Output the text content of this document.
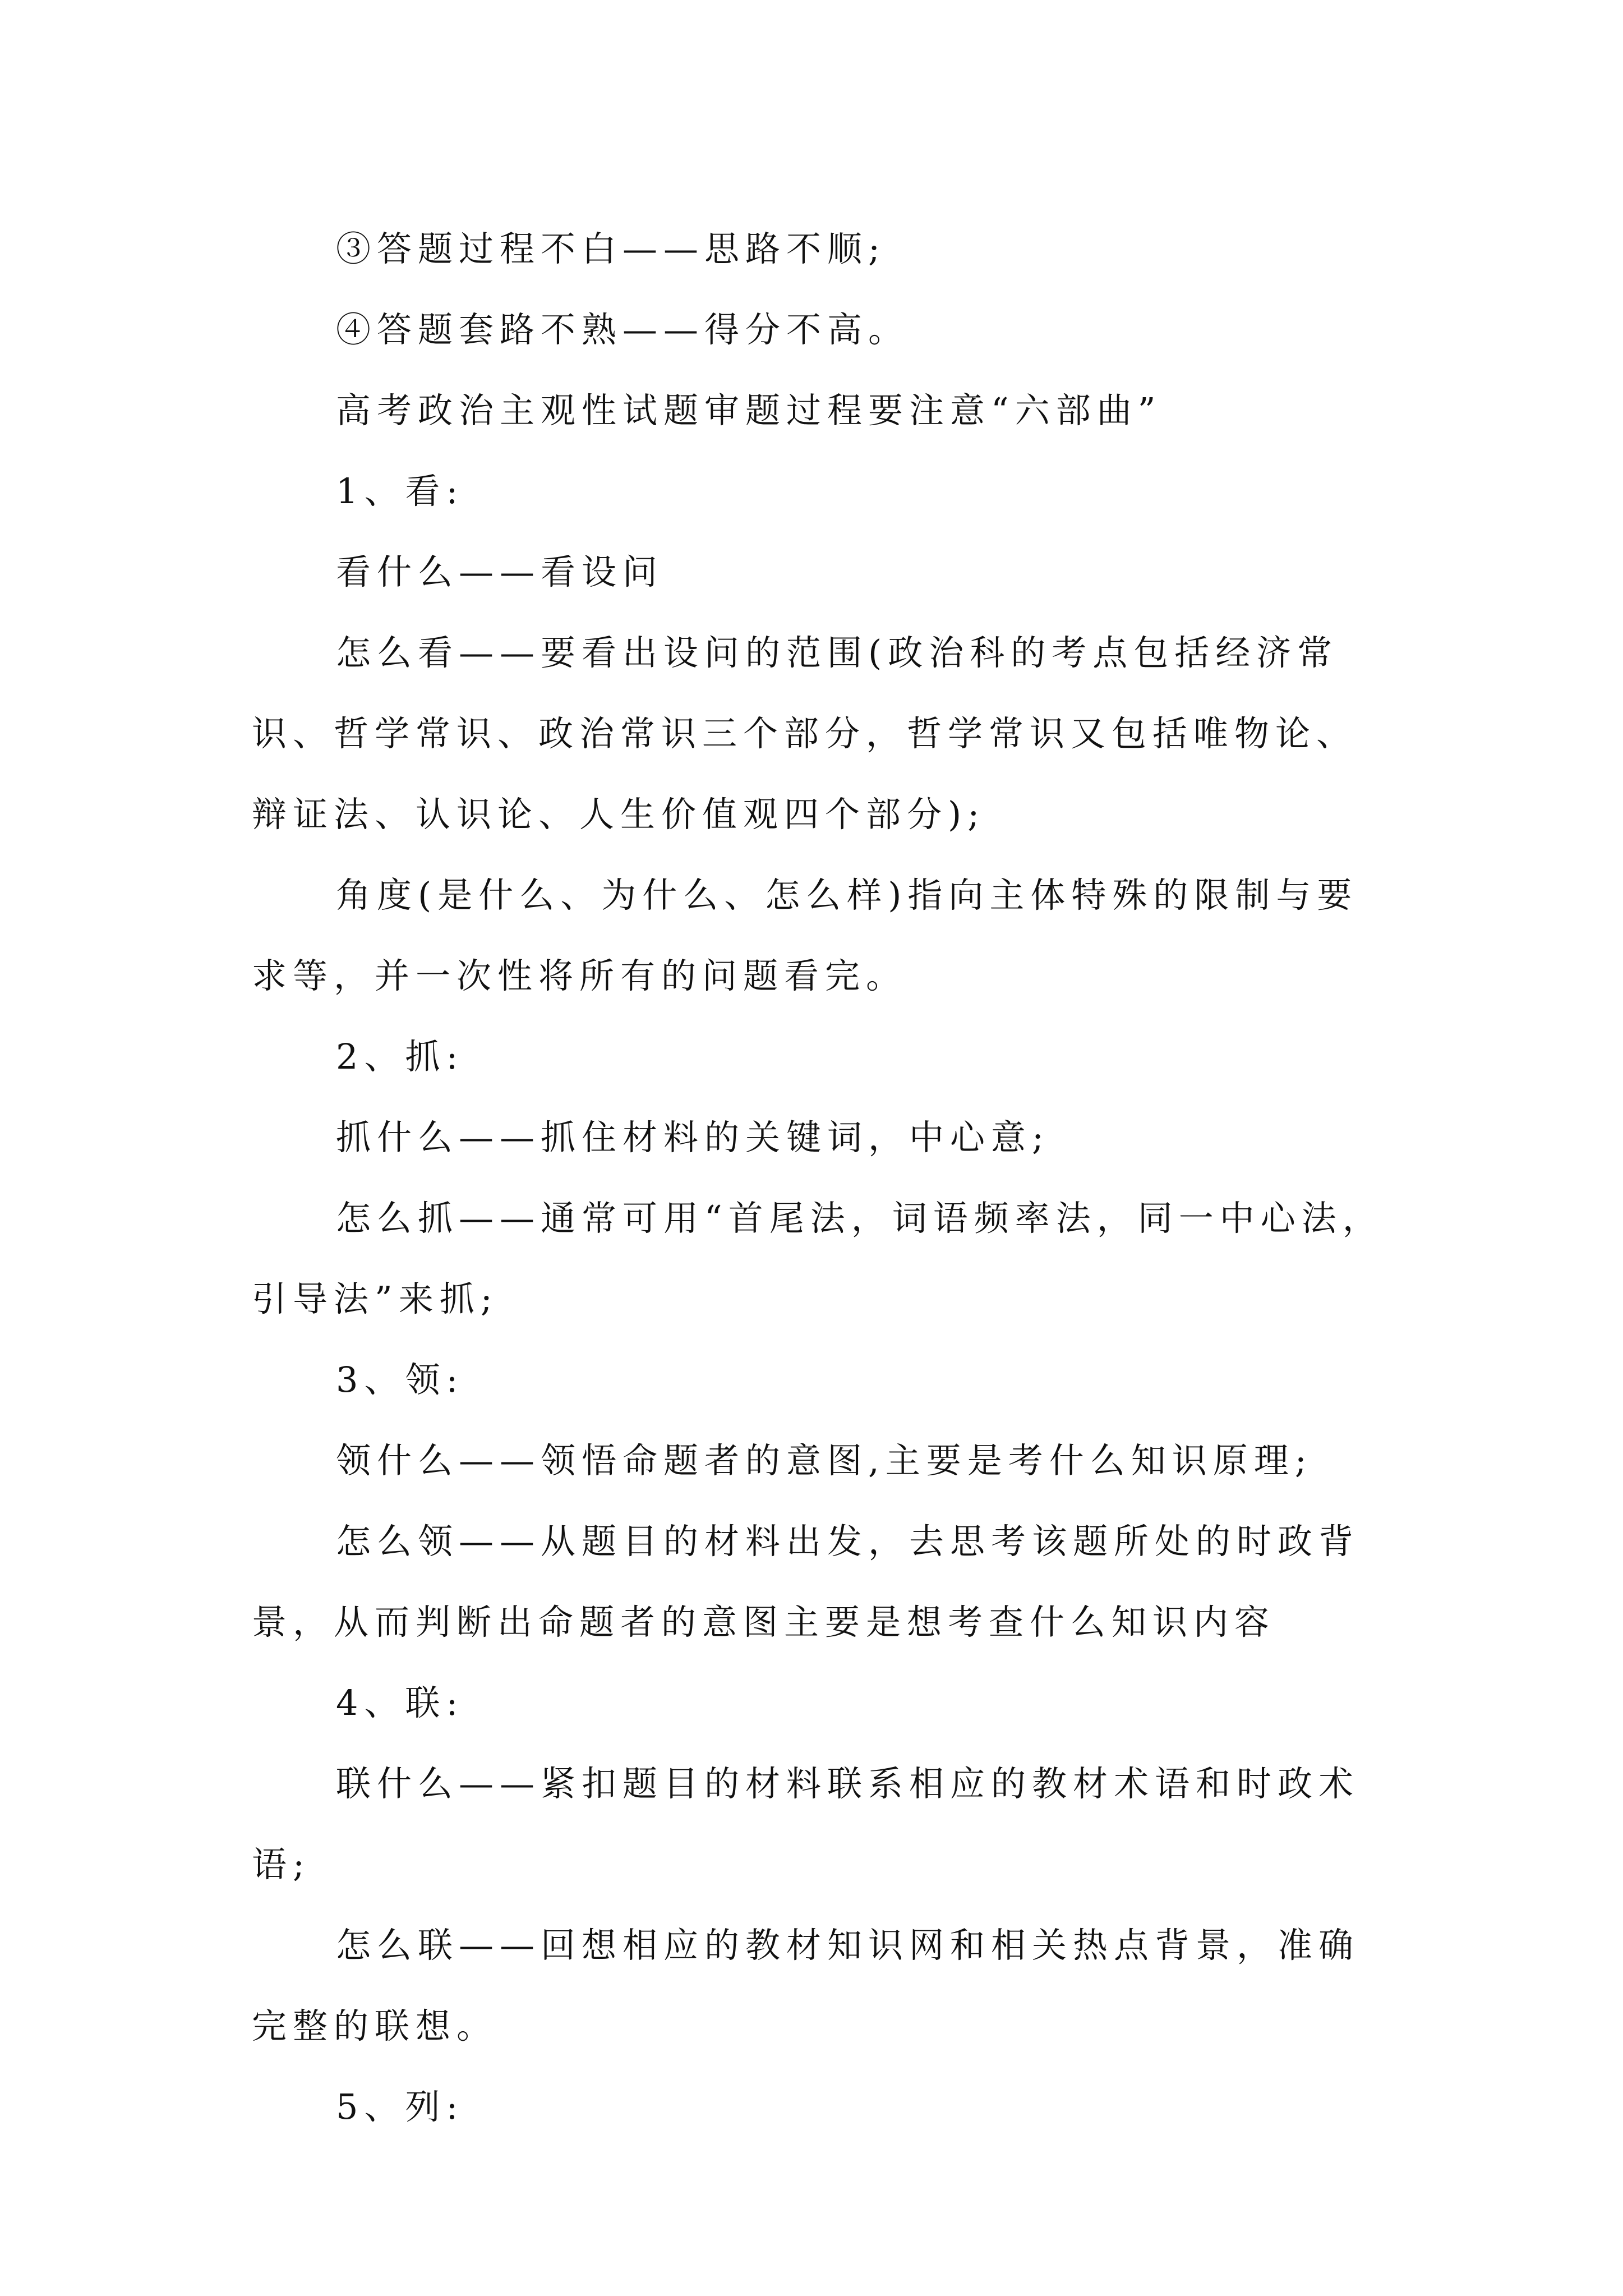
③答题过程不白——思路不顺;

④答题套路不熟——得分不高。

高考政治主观性试题审题过程要注意“六部曲”

1、看:

看什么——看设问

怎么看——要看出设问的范围(政治科的考点包括经济常识、哲学常识、政治常识三个部分，哲学常识又包括唯物论、辩证法、认识论、人生价值观四个部分);

角度(是什么、为什么、怎么样)指向主体特殊的限制与要求等，并一次性将所有的问题看完。

2、抓:

抓什么——抓住材料的关键词，中心意;

怎么抓——通常可用“首尾法，词语频率法，同一中心法，引导法”来抓;

3、领:

领什么——领悟命题者的意图,主要是考什么知识原理;

怎么领——从题目的材料出发，去思考该题所处的时政背景，从而判断出命题者的意图主要是想考查什么知识内容

4、联:

联什么——紧扣题目的材料联系相应的教材术语和时政术语;

怎么联——回想相应的教材知识网和相关热点背景，准确完整的联想。

5、列:
